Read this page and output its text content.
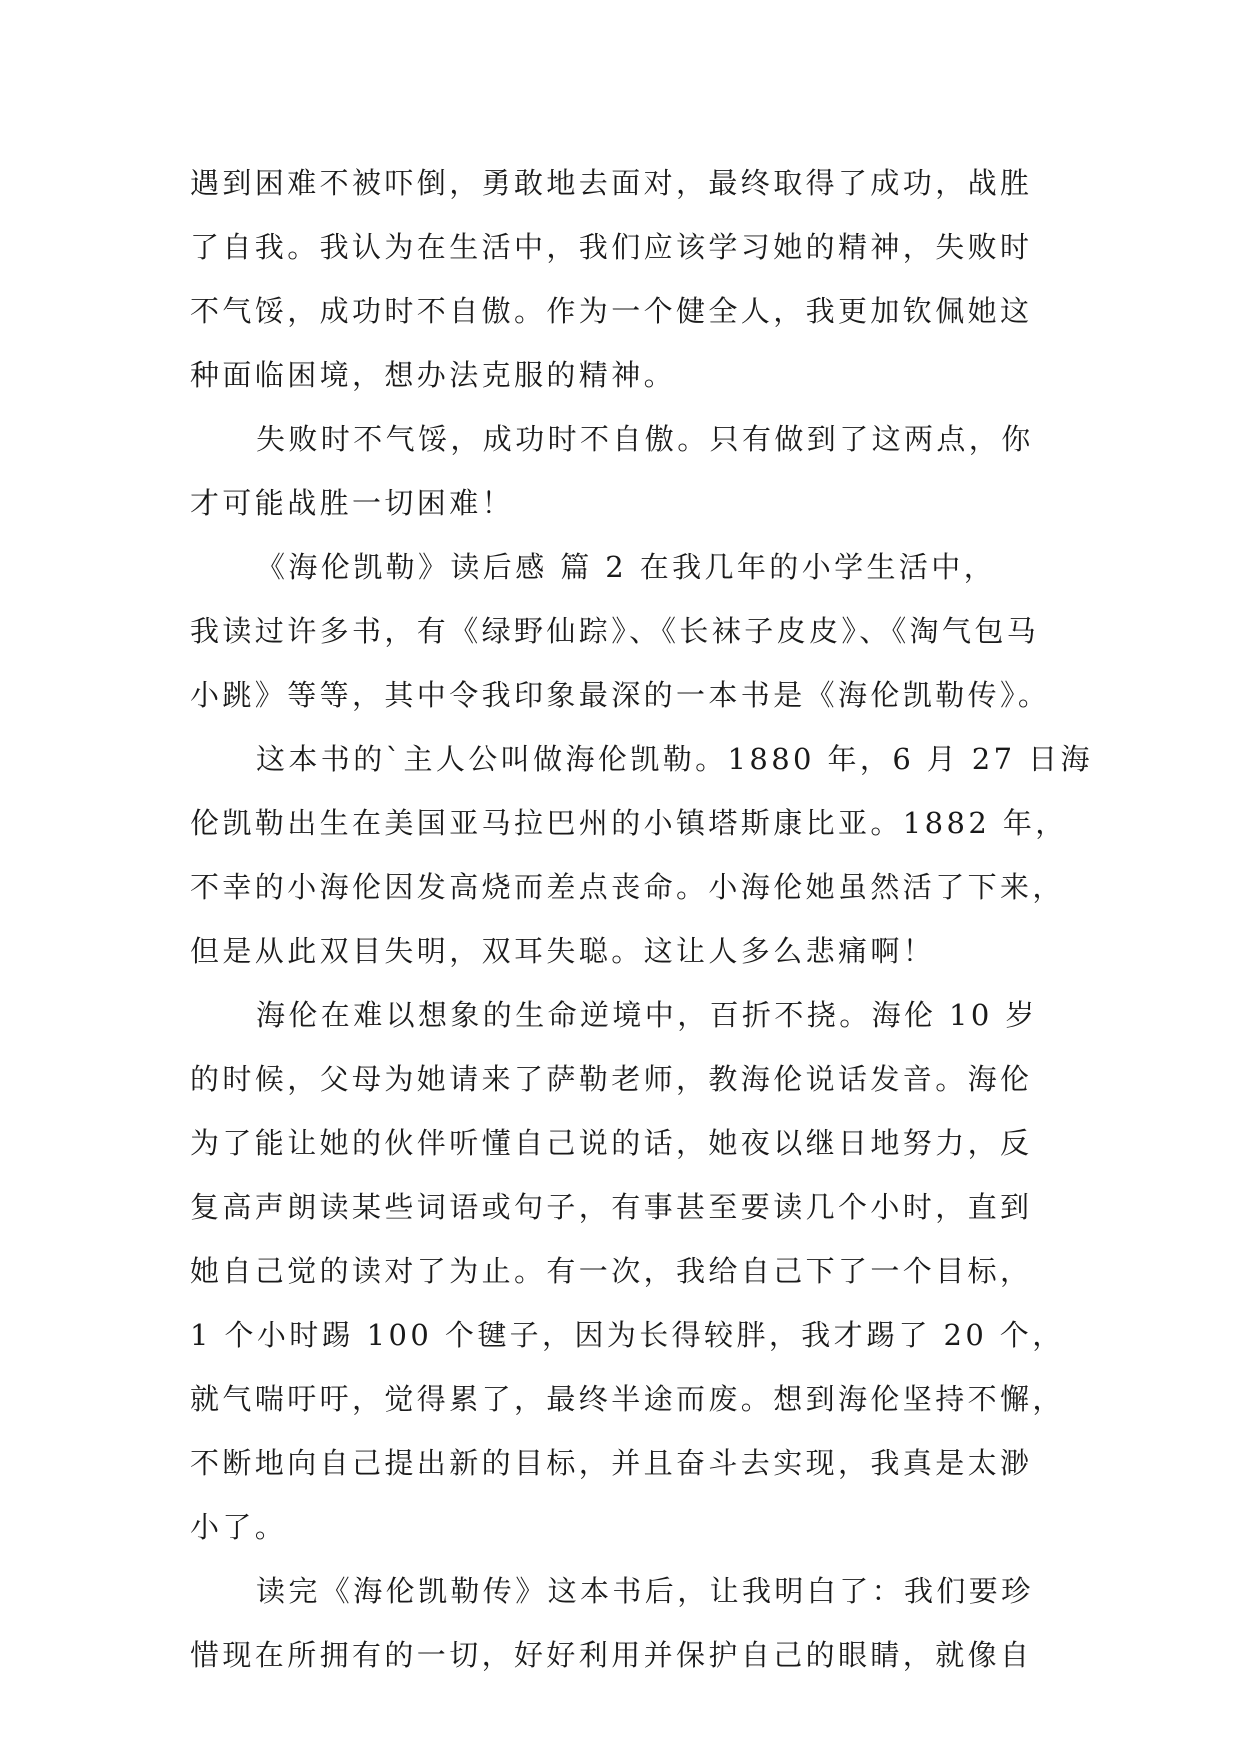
遇到困难不被吓倒，勇敢地去面对，最终取得了成功，战胜
了自我。我认为在生活中，我们应该学习她的精神，失败时
不气馁，成功时不自傲。作为一个健全人，我更加钦佩她这
种面临困境，想办法克服的精神。
失败时不气馁，成功时不自傲。只有做到了这两点，你
才可能战胜一切困难！
《海伦凯勒》读后感 篇 2 在我几年的小学生活中，
我读过许多书，有《绿野仙踪》、《长袜子皮皮》、《淘气包马
小跳》等等，其中令我印象最深的一本书是《海伦凯勒传》。
这本书的`主人公叫做海伦凯勒。1880 年，6 月 27 日海
伦凯勒出生在美国亚马拉巴州的小镇塔斯康比亚。1882 年，
不幸的小海伦因发高烧而差点丧命。小海伦她虽然活了下来，
但是从此双目失明，双耳失聪。这让人多么悲痛啊！
海伦在难以想象的生命逆境中，百折不挠。海伦 10 岁
的时候，父母为她请来了萨勒老师，教海伦说话发音。海伦
为了能让她的伙伴听懂自己说的话，她夜以继日地努力，反
复高声朗读某些词语或句子，有事甚至要读几个小时，直到
她自己觉的读对了为止。有一次，我给自己下了一个目标，
1 个小时踢 100 个毽子，因为长得较胖，我才踢了 20 个，
就气喘吁吁，觉得累了，最终半途而废。想到海伦坚持不懈，
不断地向自己提出新的目标，并且奋斗去实现，我真是太渺
小了。
读完《海伦凯勒传》这本书后，让我明白了：我们要珍
惜现在所拥有的一切，好好利用并保护自己的眼睛，就像自
